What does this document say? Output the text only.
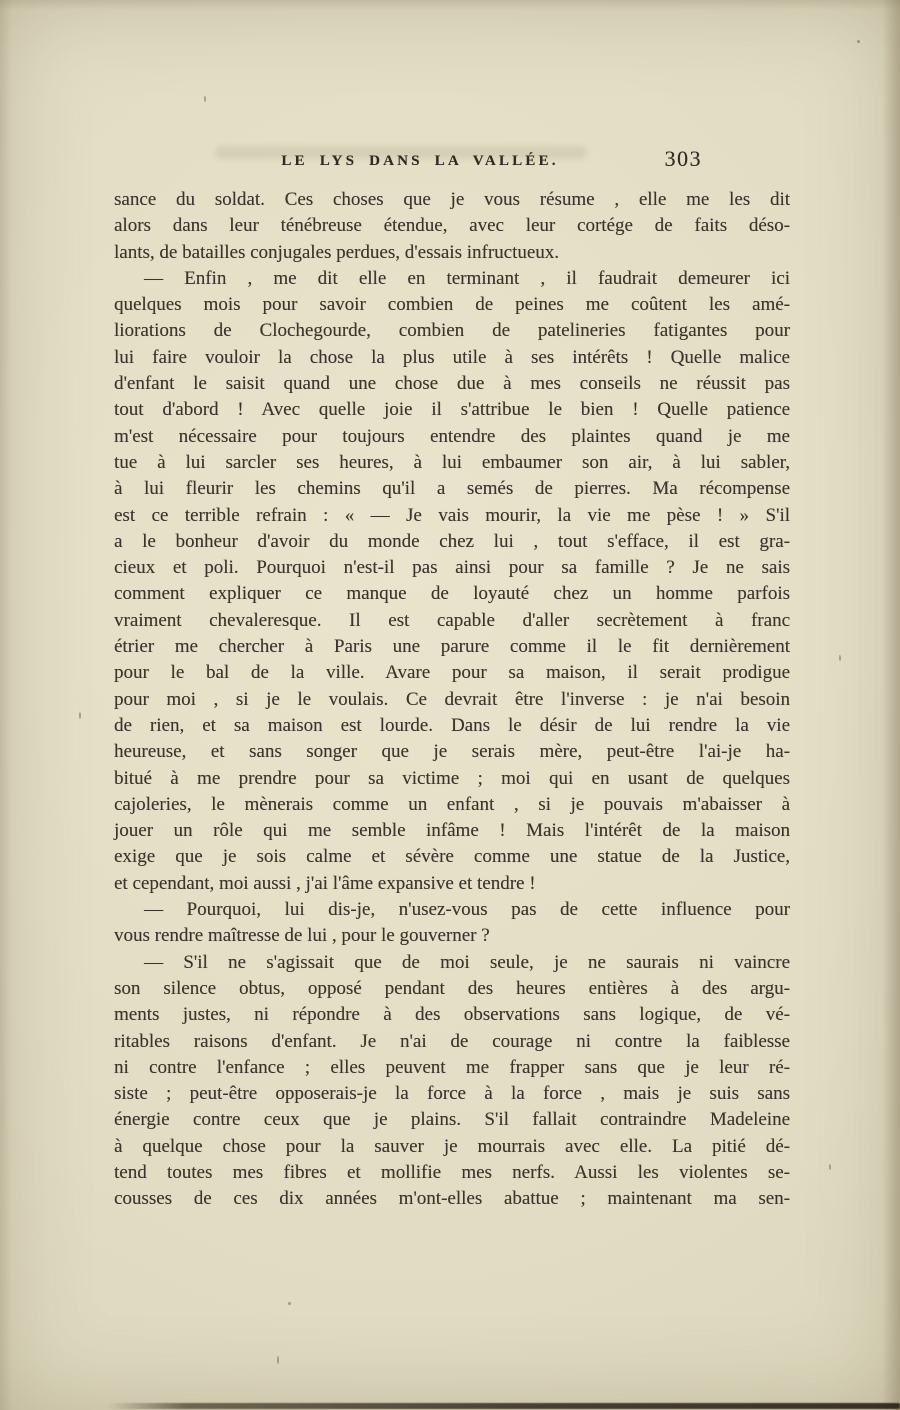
LE LYS DANS LA VALLÉE.	303
sance du soldat. Ces choses que je vous résume , elle me les dit
alors dans leur ténébreuse étendue, avec leur cortége de faits déso-
lants, de batailles conjugales perdues, d'essais infructueux.
— Enfin , me dit elle en terminant , il faudrait demeurer ici
quelques mois pour savoir combien de peines me coûtent les amé-
liorations de Clochegourde, combien de patelineries fatigantes pour
lui faire vouloir la chose la plus utile à ses intérêts ! Quelle malice
d'enfant le saisit quand une chose due à mes conseils ne réussit pas
tout d'abord ! Avec quelle joie il s'attribue le bien ! Quelle patience
m'est nécessaire pour toujours entendre des plaintes quand je me
tue à lui sarcler ses heures, à lui embaumer son air, à lui sabler,
à lui fleurir les chemins qu'il a semés de pierres. Ma récompense
est ce terrible refrain : « — Je vais mourir, la vie me pèse ! » S'il
a le bonheur d'avoir du monde chez lui , tout s'efface, il est gra-
cieux et poli. Pourquoi n'est-il pas ainsi pour sa famille ? Je ne sais
comment expliquer ce manque de loyauté chez un homme parfois
vraiment chevaleresque. Il est capable d'aller secrètement à franc
étrier me chercher à Paris une parure comme il le fit dernièrement
pour le bal de la ville. Avare pour sa maison, il serait prodigue
pour moi , si je le voulais. Ce devrait être l'inverse : je n'ai besoin
de rien, et sa maison est lourde. Dans le désir de lui rendre la vie
heureuse, et sans songer que je serais mère, peut-être l'ai-je ha-
bitué à me prendre pour sa victime ; moi qui en usant de quelques
cajoleries, le mènerais comme un enfant , si je pouvais m'abaisser à
jouer un rôle qui me semble infâme ! Mais l'intérêt de la maison
exige que je sois calme et sévère comme une statue de la Justice,
et cependant, moi aussi , j'ai l'âme expansive et tendre !
— Pourquoi, lui dis-je, n'usez-vous pas de cette influence pour
vous rendre maîtresse de lui , pour le gouverner ?
— S'il ne s'agissait que de moi seule, je ne saurais ni vaincre
son silence obtus, opposé pendant des heures entières à des argu-
ments justes, ni répondre à des observations sans logique, de vé-
ritables raisons d'enfant. Je n'ai de courage ni contre la faiblesse
ni contre l'enfance ; elles peuvent me frapper sans que je leur ré-
siste ; peut-être opposerais-je la force à la force , mais je suis sans
énergie contre ceux que je plains. S'il fallait contraindre Madeleine
à quelque chose pour la sauver je mourrais avec elle. La pitié dé-
tend toutes mes fibres et mollifie mes nerfs. Aussi les violentes se-
cousses de ces dix années m'ont-elles abattue ; maintenant ma sen-
